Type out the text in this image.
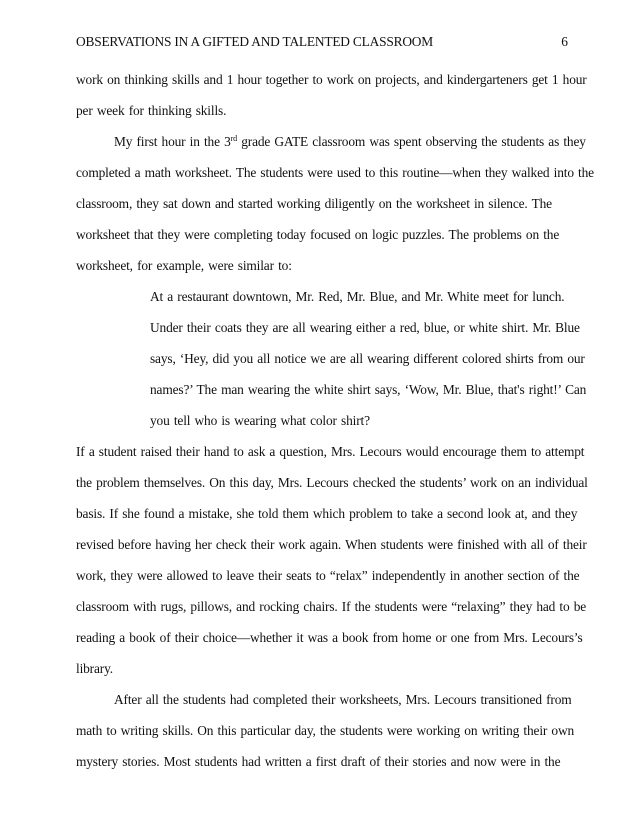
OBSERVATIONS IN A GIFTED AND TALENTED CLASSROOM	6
work on thinking skills and 1 hour together to work on projects, and kindergarteners get 1 hour
per week for thinking skills.
My first hour in the 3rd grade GATE classroom was spent observing the students as they
completed a math worksheet. The students were used to this routine—when they walked into the
classroom, they sat down and started working diligently on the worksheet in silence. The
worksheet that they were completing today focused on logic puzzles. The problems on the
worksheet, for example, were similar to:
At a restaurant downtown, Mr. Red, Mr. Blue, and Mr. White meet for lunch.
Under their coats they are all wearing either a red, blue, or white shirt. Mr. Blue
says, ‘Hey, did you all notice we are all wearing different colored shirts from our
names?’ The man wearing the white shirt says, ‘Wow, Mr. Blue, that's right!’ Can
you tell who is wearing what color shirt?
If a student raised their hand to ask a question, Mrs. Lecours would encourage them to attempt
the problem themselves. On this day, Mrs. Lecours checked the students’ work on an individual
basis. If she found a mistake, she told them which problem to take a second look at, and they
revised before having her check their work again. When students were finished with all of their
work, they were allowed to leave their seats to “relax” independently in another section of the
classroom with rugs, pillows, and rocking chairs. If the students were “relaxing” they had to be
reading a book of their choice—whether it was a book from home or one from Mrs. Lecours’s
library.
After all the students had completed their worksheets, Mrs. Lecours transitioned from
math to writing skills. On this particular day, the students were working on writing their own
mystery stories. Most students had written a first draft of their stories and now were in the
